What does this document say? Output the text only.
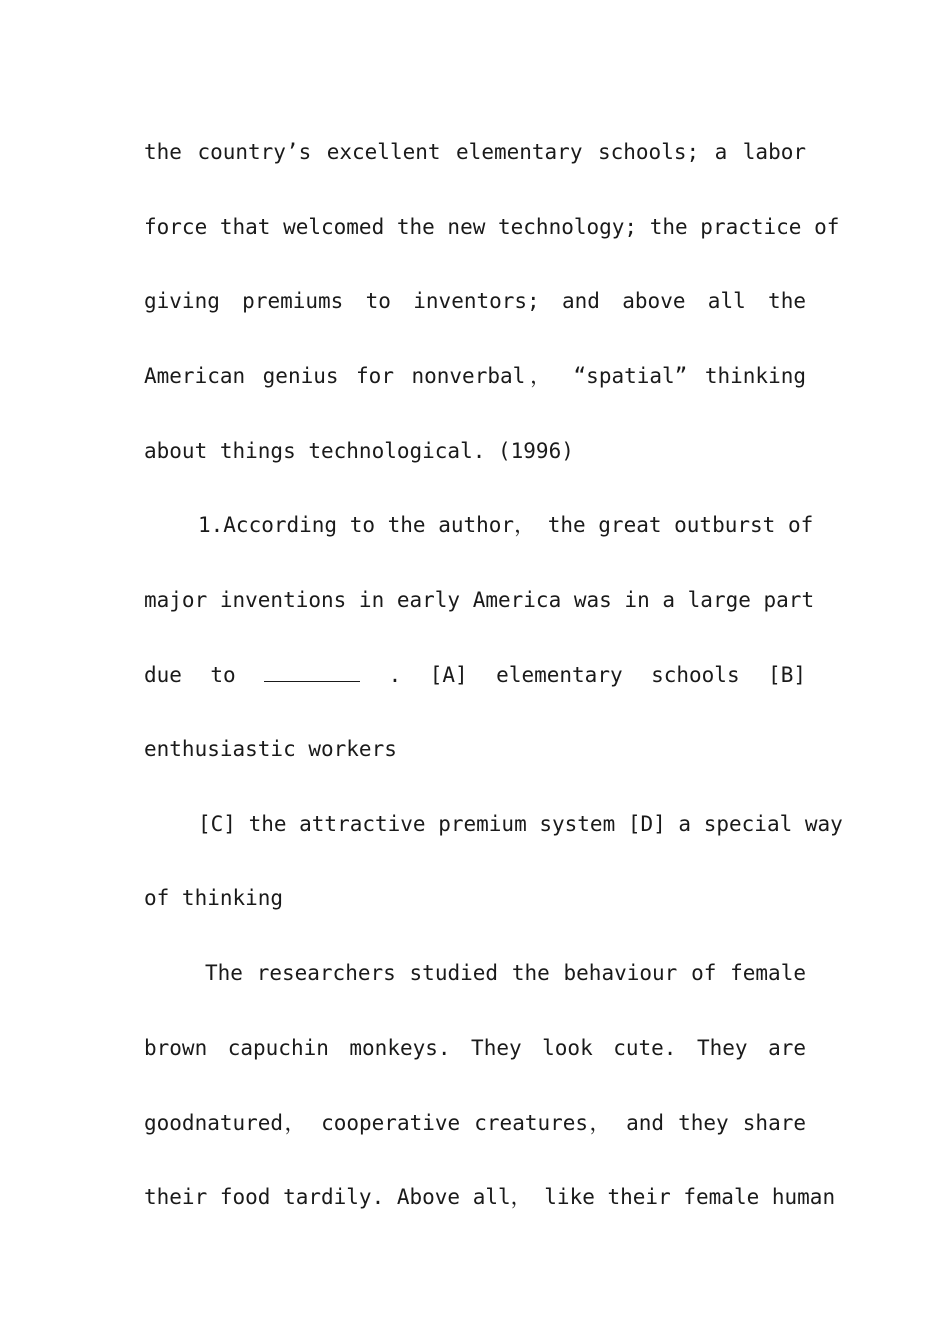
the country’s excellent elementary schools; a labor
force that welcomed the new technology; the practice of
giving premiums to inventors; and above all the
American genius for nonverbal， “spatial” thinking
about things technological. (1996)
1.According to the author， the great outburst of
major inventions in early America was in a large part
due to	. [A] elementary schools [B]
enthusiastic workers
[C] the attractive premium system [D] a special way
of thinking
The researchers studied the behaviour of female
brown capuchin monkeys. They look cute. They are
goodnatured， cooperative creatures， and they share
their food tardily. Above all， like their female human
